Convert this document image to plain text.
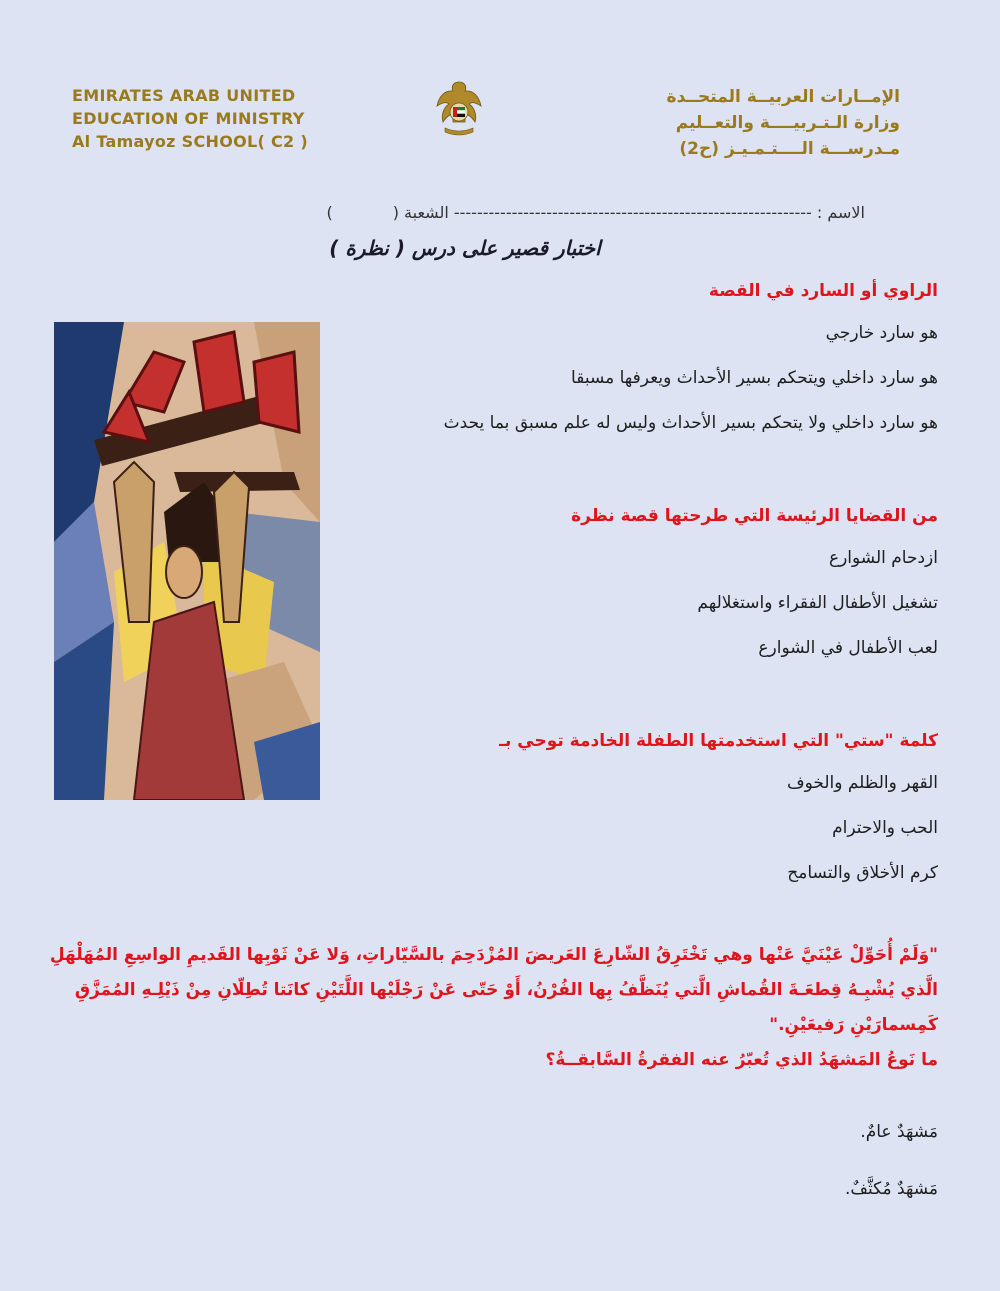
EMIRATES ARAB UNITED
EDUCATION OF MINISTRY
Al Tamayoz SCHOOL( C2 )
الإمــارات العربيــة المتحــدة
وزارة الـتـربيــــة والتعــليم
مـدرســـة الــــتـمـيـز (ح2)
الاسم : -------------------------------------------------------------- الشعبة ()
اختبار قصير على درس ( نظرة )
الراوي أو السارد في القصة
هو سارد خارجي
هو سارد داخلي ويتحكم بسير الأحداث ويعرفها مسبقا
هو سارد داخلي ولا يتحكم بسير الأحداث وليس له علم مسبق بما يحدث
من القضايا الرئيسة التي طرحتها قصة نظرة
ازدحام الشوارع
تشغيل الأطفال الفقراء واستغلالهم
لعب الأطفال في الشوارع
كلمة "ستي" التي استخدمتها الطفلة الخادمة توحي بـ
القهر والظلم والخوف
الحب والاحترام
كرم الأخلاق والتسامح
"وَلَمْ أُحَوِّلْ عَيْنَيَّ عَنْها وهي تَخْتَرِقُ الشّارِعَ العَريضَ المُزْدَحِمَ بالسَّيّاراتِ، وَلا عَنْ ثَوْبِها القَديمِ الواسِعِ المُهَلْهَلِ
الَّذي يُشْبِـهُ قِطعَـةَ القُماشِ الَّتي يُنَظَّفُ بِها الفُرْنُ، أَوْ حَتّى عَنْ رَجْلَيْها اللَّتَيْنِ كانَتا تُطِلّانِ مِنْ ذَيْلِـهِ المُمَزَّقِ
كَمِسمارَيْنِ رَفيعَيْنِ."
ما نَوعُ المَشهَدُ الذي تُعبّرُ عنه الفقرةُ السَّابقــةُ؟
مَشهَدٌ عامٌ.
مَشهَدٌ مُكثَّفٌ.
